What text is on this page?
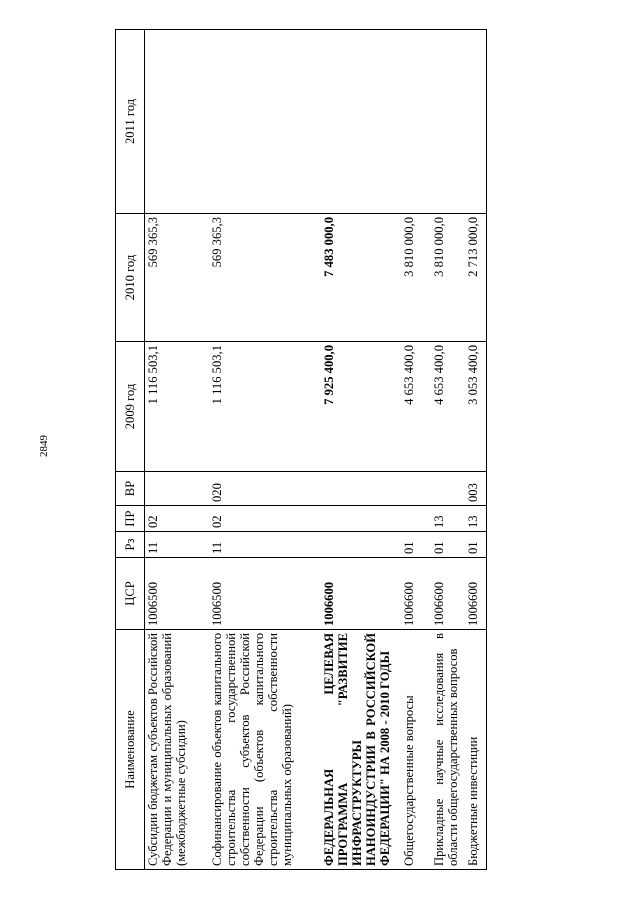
2849
Наименование	ЦСР	Рз	ПР	ВР	2009 год	2010 год	2011 год
Субсидии бюджетам субъектов Российской Федерации и муниципальных образований (межбюджетные субсидии)	1006500	11	02		1 116 503,1	569 365,3	
Софинансирование объектов капитального строительства государственной собственности субъектов Российской Федерации (объектов капитального строительства собственности муниципальных образований)	1006500	11	02	020	1 116 503,1	569 365,3	
ФЕДЕРАЛЬНАЯ ЦЕЛЕВАЯ ПРОГРАММА "РАЗВИТИЕ ИНФРАСТРУКТУРЫ НАНОИНДУСТРИИ В РОССИЙСКОЙ ФЕДЕРАЦИИ" НА 2008 - 2010 ГОДЫ	1006600				7 925 400,0	7 483 000,0	
Общегосударственные вопросы	1006600	01			4 653 400,0	3 810 000,0	
Прикладные научные исследования в области общегосударственных вопросов	1006600	01	13		4 653 400,0	3 810 000,0	
Бюджетные инвестиции	1006600	01	13	003	3 053 400,0	2 713 000,0	
